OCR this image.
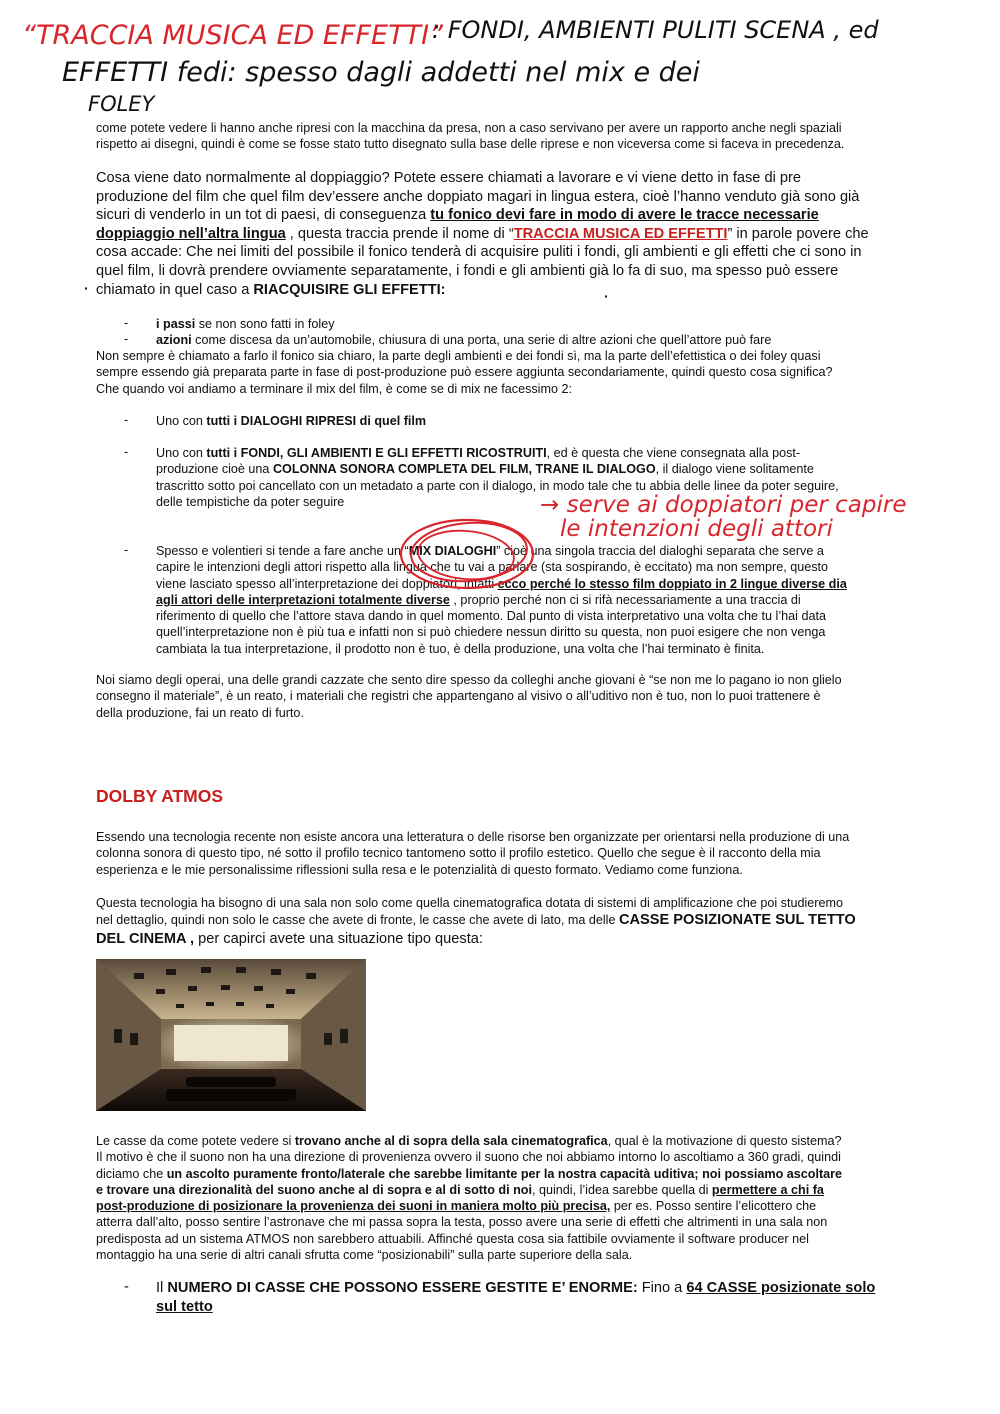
“TRACCIA MUSICA ED EFFETTI”
: FONDI, AMBIENTI PULITI SCENA , ed
EFFETTI fedi: spesso dagli addetti nel mix e dei
FOLEY
come potete vedere li hanno anche ripresi con la macchina da presa, non a caso servivano per avere un rapporto anche negli spaziali
rispetto ai disegni, quindi è come se fosse stato tutto disegnato sulla base delle riprese e non viceversa come si faceva in precedenza.
Cosa viene dato normalmente al doppiaggio? Potete essere chiamati a lavorare e vi viene detto in fase di pre
produzione del film che quel film dev’essere anche doppiato magari in lingua estera, cioè l’hanno venduto già sono già
sicuri di venderlo in un tot di paesi, di conseguenza tu fonico devi fare in modo di avere le tracce necessarie
doppiaggio nell’altra lingua , questa traccia prende il nome di “TRACCIA MUSICA ED EFFETTI” in parole povere che
cosa accade: Che nei limiti del possibile il fonico tenderà di acquisire puliti i fondi, gli ambienti e gli effetti che ci sono in
quel film, li dovrà prendere ovviamente separatamente, i fondi e gli ambienti già lo fa di suo, ma spesso può essere
chiamato in quel caso a RIACQUISIRE GLI EFFETTI:
·	·
- i passi se non sono fatti in foley
- azioni come discesa da un’automobile, chiusura di una porta, una serie di altre azioni che quell’attore può fare
Non sempre è chiamato a farlo il fonico sia chiaro, la parte degli ambienti e dei fondi sì, ma la parte dell’efettistica o dei foley quasi
sempre essendo già preparata parte in fase di post-produzione può essere aggiunta secondariamente, quindi questo cosa significa?
Che quando voi andiamo a terminare il mix del film, è come se di mix ne facessimo 2:
- Uno con tutti i DIALOGHI RIPRESI di quel film
- Uno con tutti i FONDI, GLI AMBIENTI E GLI EFFETTI RICOSTRUITI, ed è questa che viene consegnata alla post-
produzione cioè una COLONNA SONORA COMPLETA DEL FILM, TRANE IL DIALOGO, il dialogo viene solitamente
trascritto sotto poi cancellato con un metadato a parte con il dialogo, in modo tale che tu abbia delle linee da poter seguire,
delle tempistiche da poter seguire	→ serve ai doppiatori per capire
le intenzioni degli attori
- Spesso e volentieri si tende a fare anche un “MIX DIALOGHI” cioè una singola traccia del dialoghi separata che serve a
capire le intenzioni degli attori rispetto alla lingua che tu vai a parlare (sta sospirando, è eccitato) ma non sempre, questo
viene lasciato spesso all’interpretazione dei doppiatori, infatti ecco perché lo stesso film doppiato in 2 lingue diverse dia
agli attori delle interpretazioni totalmente diverse , proprio perché non ci si rifà necessariamente a una traccia di
riferimento di quello che l’attore stava dando in quel momento. Dal punto di vista interpretativo una volta che tu l’hai data
quell’interpretazione non è più tua e infatti non si può chiedere nessun diritto su questa, non puoi esigere che non venga
cambiata la tua interpretazione, il prodotto non è tuo, è della produzione, una volta che l’hai terminato è finita.
Noi siamo degli operai, una delle grandi cazzate che sento dire spesso da colleghi anche giovani è “se non me lo pagano io non glielo
consegno il materiale”, è un reato, i materiali che registri che appartengano al visivo o all’uditivo non è tuo, non lo puoi trattenere è
della produzione, fai un reato di furto.
DOLBY ATMOS
Essendo una tecnologia recente non esiste ancora una letteratura o delle risorse ben organizzate per orientarsi nella produzione di una
colonna sonora di questo tipo, né sotto il profilo tecnico tantomeno sotto il profilo estetico. Quello che segue è il racconto della mia
esperienza e le mie personalissime riflessioni sulla resa e le potenzialità di questo formato. Vediamo come funziona.
Questa tecnologia ha bisogno di una sala non solo come quella cinematografica dotata di sistemi di amplificazione che poi studieremo
nel dettaglio, quindi non solo le casse che avete di fronte, le casse che avete di lato, ma delle CASSE POSIZIONATE SUL TETTO
DEL CINEMA , per capirci avete una situazione tipo questa:
Le casse da come potete vedere si trovano anche al di sopra della sala cinematografica, qual è la motivazione di questo sistema?
Il motivo è che il suono non ha una direzione di provenienza ovvero il suono che noi abbiamo intorno lo ascoltiamo a 360 gradi, quindi
diciamo che un ascolto puramente fronto/laterale che sarebbe limitante per la nostra capacità uditiva; noi possiamo ascoltare
e trovare una direzionalità del suono anche al di sopra e al di sotto di noi, quindi, l’idea sarebbe quella di permettere a chi fa
post-produzione di posizionare la provenienza dei suoni in maniera molto più precisa, per es. Posso sentire l’elicottero che
atterra dall’alto, posso sentire l’astronave che mi passa sopra la testa, posso avere una serie di effetti che altrimenti in una sala non
predisposta ad un sistema ATMOS non sarebbero attuabili. Affinché questa cosa sia fattibile ovviamente il software producer nel
montaggio ha una serie di altri canali sfrutta come “posizionabili” sulla parte superiore della sala.
- Il NUMERO DI CASSE CHE POSSONO ESSERE GESTITE E’ ENORME: Fino a 64 CASSE posizionate solo
sul tetto
